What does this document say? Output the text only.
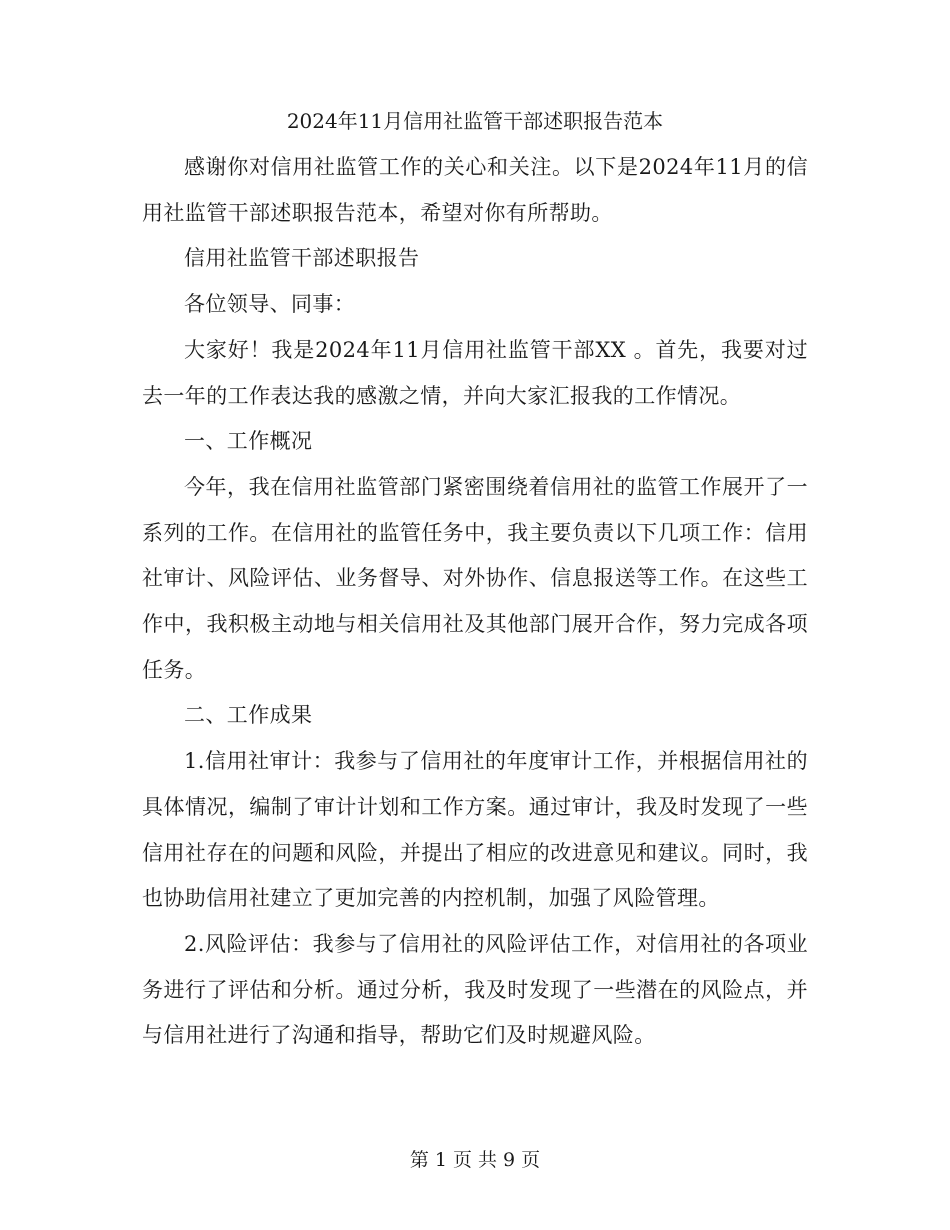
2024年11月信用社监管干部述职报告范本

感谢你对信用社监管工作的关心和关注。以下是2024年11月的信用社监管干部述职报告范本，希望对你有所帮助。

信用社监管干部述职报告

各位领导、同事：

大家好！我是2024年11月信用社监管干部XX 。首先，我要对过去一年的工作表达我的感激之情，并向大家汇报我的工作情况。

一、工作概况

今年，我在信用社监管部门紧密围绕着信用社的监管工作展开了一系列的工作。在信用社的监管任务中，我主要负责以下几项工作：信用社审计、风险评估、业务督导、对外协作、信息报送等工作。在这些工作中，我积极主动地与相关信用社及其他部门展开合作，努力完成各项任务。

二、工作成果

1.信用社审计：我参与了信用社的年度审计工作，并根据信用社的具体情况，编制了审计计划和工作方案。通过审计，我及时发现了一些信用社存在的问题和风险，并提出了相应的改进意见和建议。同时，我也协助信用社建立了更加完善的内控机制，加强了风险管理。

2.风险评估：我参与了信用社的风险评估工作，对信用社的各项业务进行了评估和分析。通过分析，我及时发现了一些潜在的风险点，并与信用社进行了沟通和指导，帮助它们及时规避风险。

第 1 页 共 9 页
